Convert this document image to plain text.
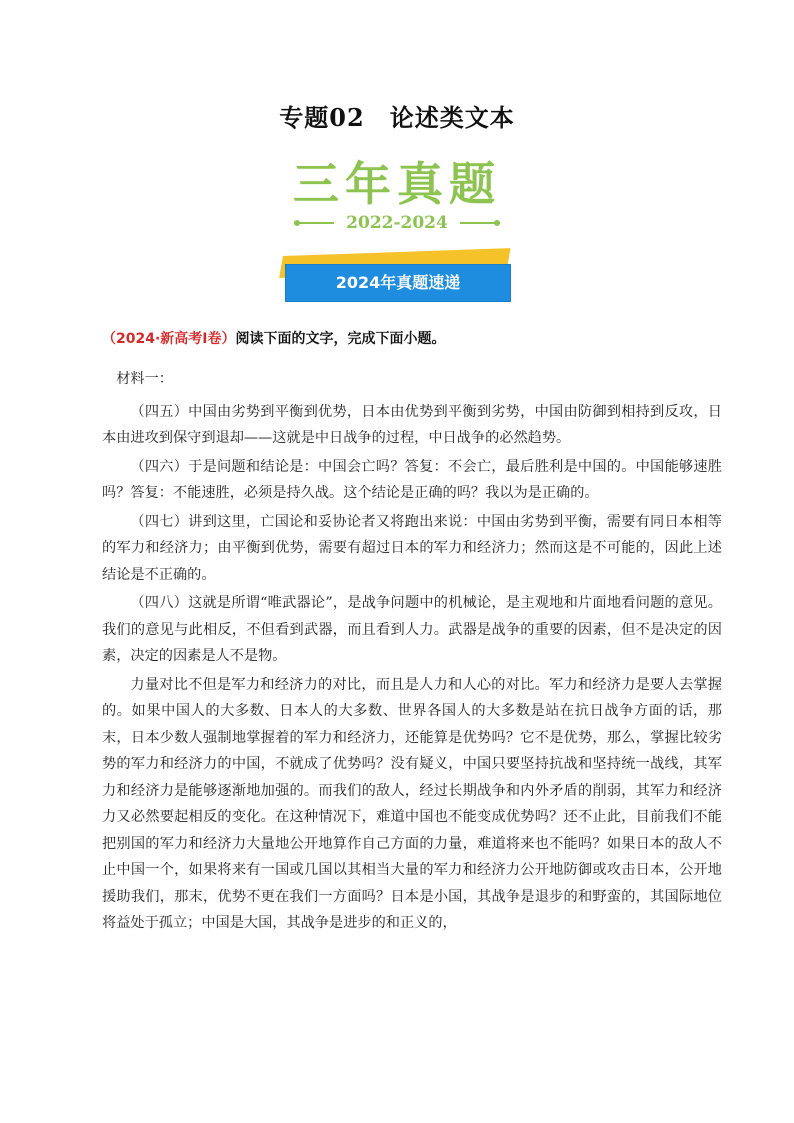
专题02　论述类文本
三年真题
2022-2024
2024年真题速递
（2024·新高考Ⅰ卷）阅读下面的文字，完成下面小题。

材料一：

（四五）中国由劣势到平衡到优势，日本由优势到平衡到劣势，中国由防御到相持到反攻，日本由进攻到保守到退却——这就是中日战争的过程，中日战争的必然趋势。

（四六）于是问题和结论是：中国会亡吗？答复：不会亡，最后胜利是中国的。中国能够速胜吗？答复：不能速胜，必须是持久战。这个结论是正确的吗？我以为是正确的。

（四七）讲到这里，亡国论和妥协论者又将跑出来说：中国由劣势到平衡，需要有同日本相等的军力和经济力；由平衡到优势，需要有超过日本的军力和经济力；然而这是不可能的，因此上述结论是不正确的。

（四八）这就是所谓“唯武器论”，是战争问题中的机械论，是主观地和片面地看问题的意见。我们的意见与此相反，不但看到武器，而且看到人力。武器是战争的重要的因素，但不是决定的因素，决定的因素是人不是物。

力量对比不但是军力和经济力的对比，而且是人力和人心的对比。军力和经济力是要人去掌握的。如果中国人的大多数、日本人的大多数、世界各国人的大多数是站在抗日战争方面的话，那末，日本少数人强制地掌握着的军力和经济力，还能算是优势吗？它不是优势，那么，掌握比较劣势的军力和经济力的中国，不就成了优势吗？没有疑义，中国只要坚持抗战和坚持统一战线，其军力和经济力是能够逐渐地加强的。而我们的敌人，经过长期战争和内外矛盾的削弱，其军力和经济力又必然要起相反的变化。在这种情况下，难道中国也不能变成优势吗？还不止此，目前我们不能把别国的军力和经济力大量地公开地算作自己方面的力量，难道将来也不能吗？如果日本的敌人不止中国一个，如果将来有一国或几国以其相当大量的军力和经济力公开地防御或攻击日本，公开地援助我们，那末，优势不更在我们一方面吗？日本是小国，其战争是退步的和野蛮的，其国际地位将益处于孤立；中国是大国，其战争是进步的和正义的，
